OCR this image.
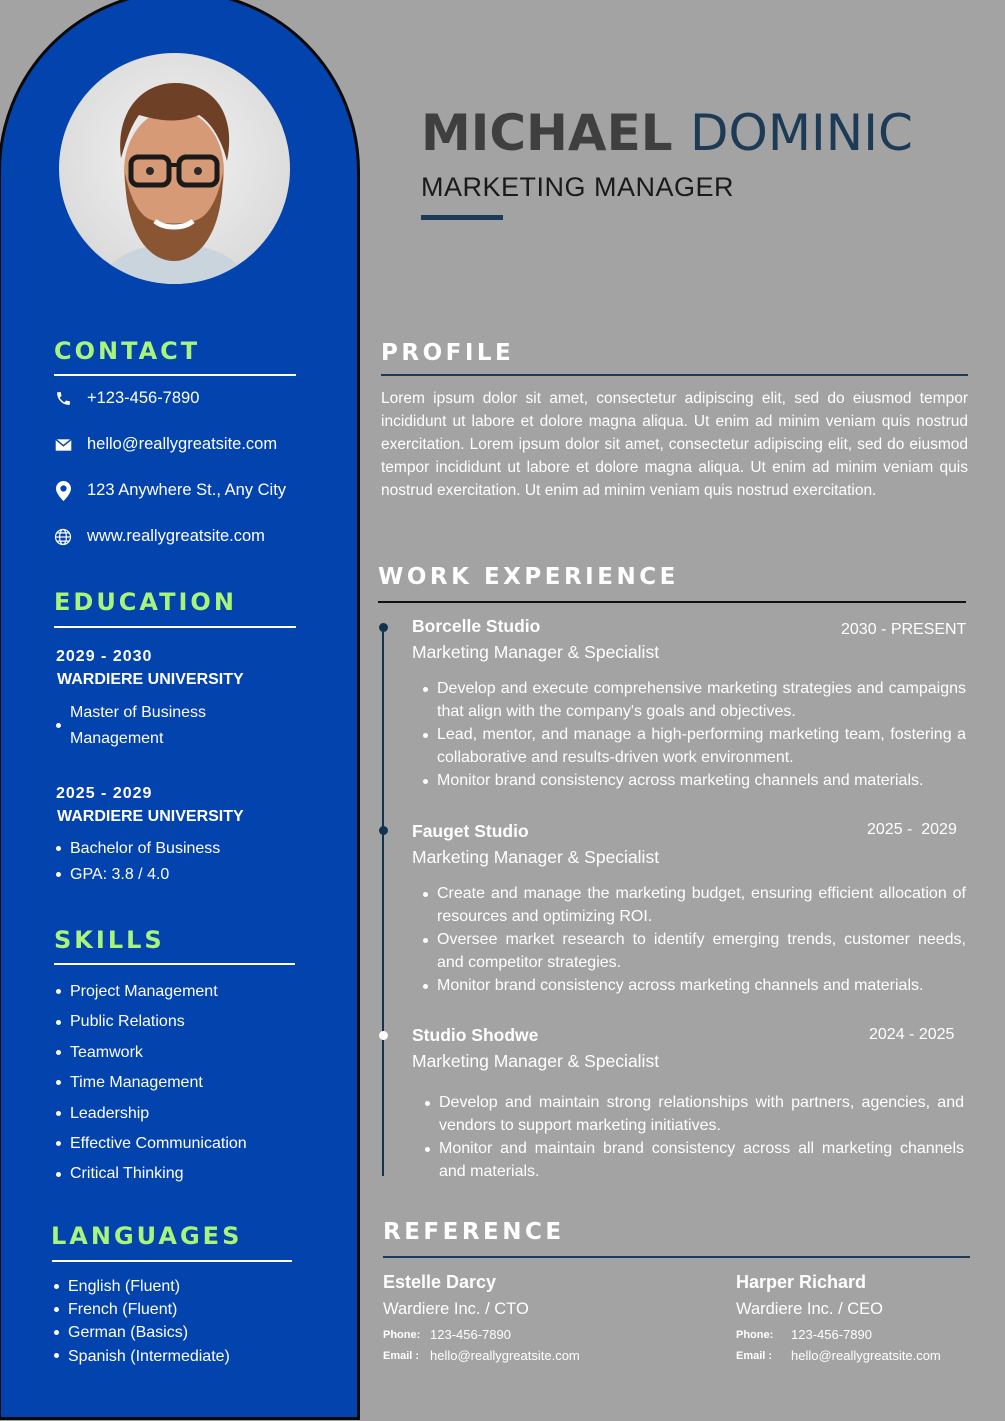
CONTACT
+123-456-7890
hello@reallygreatsite.com
123 Anywhere St., Any City
www.reallygreatsite.com
EDUCATION
2029 - 2030
WARDIERE UNIVERSITY
Master of Business Management
2025 - 2029
WARDIERE UNIVERSITY
Bachelor of Business
GPA: 3.8 / 4.0
SKILLS
Project Management
Public Relations
Teamwork
Time Management
Leadership
Effective Communication
Critical Thinking
LANGUAGES
English (Fluent)
French (Fluent)
German (Basics)
Spanish (Intermediate)
MICHAEL DOMINIC
MARKETING MANAGER
PROFILE

Lorem ipsum dolor sit amet, consectetur adipiscing elit, sed do eiusmod tempor incididunt ut labore et dolore magna aliqua. Ut enim ad minim veniam quis nostrud exercitation. Lorem ipsum dolor sit amet, consectetur adipiscing elit, sed do eiusmod tempor incididunt ut labore et dolore magna aliqua. Ut enim ad minim veniam quis nostrud exercitation. Ut enim ad minim veniam quis nostrud exercitation.

WORK EXPERIENCE
Borcelle Studio	2030 - PRESENT
Marketing Manager & Specialist
Develop and execute comprehensive marketing strategies and campaigns that align with the company's goals and objectives.
Lead, mentor, and manage a high-performing marketing team, fostering a collaborative and results-driven work environment.
Monitor brand consistency across marketing channels and materials.
Fauget Studio	2025 -  2029
Marketing Manager & Specialist
Create and manage the marketing budget, ensuring efficient allocation of resources and optimizing ROI.
Oversee market research to identify emerging trends, customer needs, and competitor strategies.
Monitor brand consistency across marketing channels and materials.
Studio Shodwe	2024 - 2025
Marketing Manager & Specialist
Develop and maintain strong relationships with partners, agencies, and vendors to support marketing initiatives.
Monitor and maintain brand consistency across all marketing channels and materials.
REFERENCE
Estelle Darcy
Wardiere Inc. / CTO
Phone: 123-456-7890
Email : hello@reallygreatsite.com
Harper Richard
Wardiere Inc. / CEO
Phone:	123-456-7890
Email :	hello@reallygreatsite.com
